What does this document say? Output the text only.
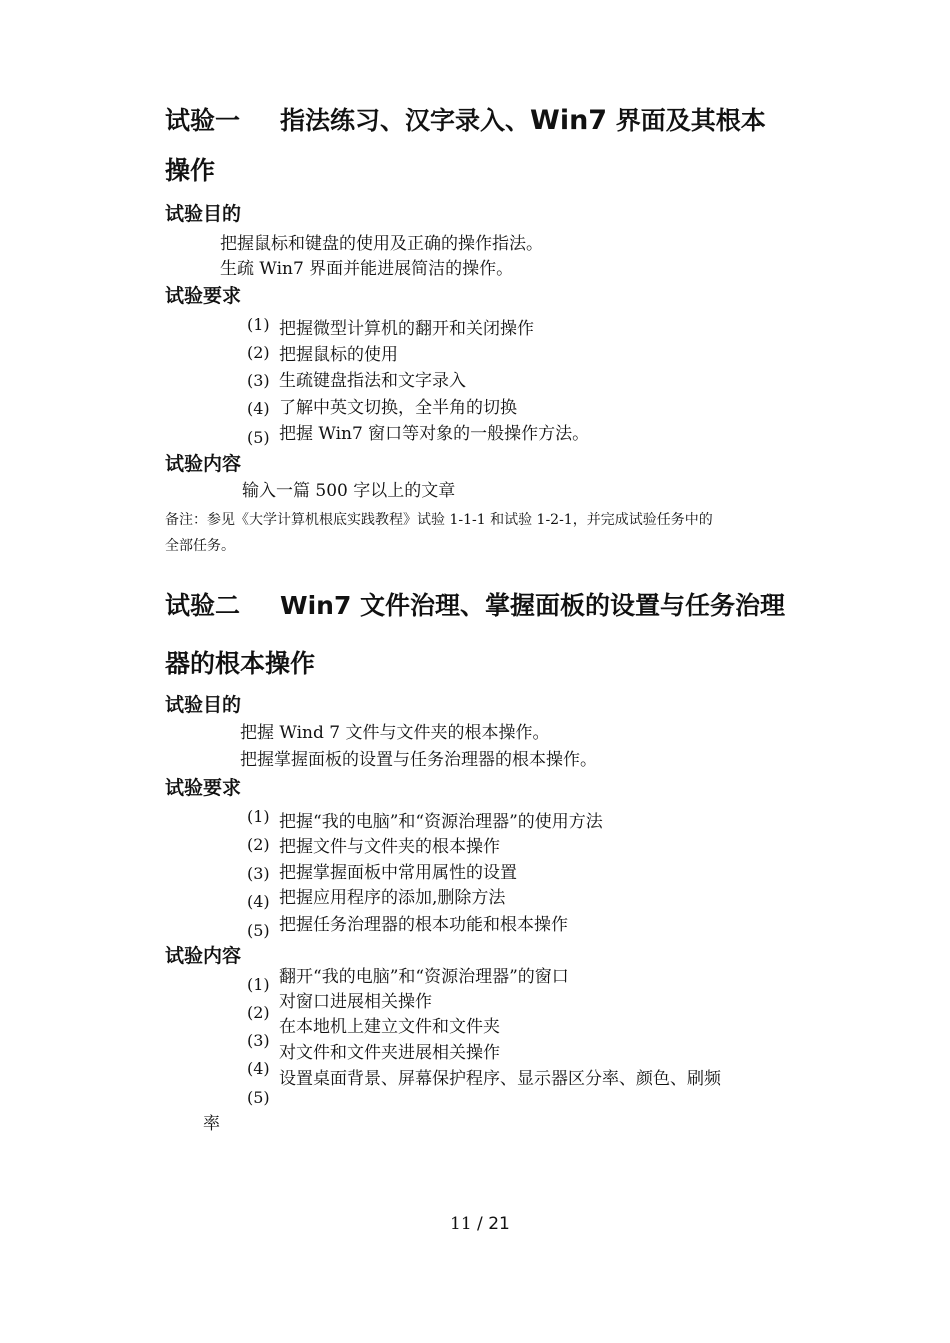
试验一 指法练习、汉字录入、Win7 界面及其根本
操作
试验目的
把握鼠标和键盘的使用及正确的操作指法。
生疏 Win7 界面并能进展简洁的操作。
试验要求
(1) 把握微型计算机的翻开和关闭操作
(2) 把握鼠标的使用
(3) 生疏键盘指法和文字录入
(4) 了解中英文切换，全半角的切换
(5) 把握 Win7 窗口等对象的一般操作方法。
试验内容
输入一篇 500 字以上的文章
备注：参见《大学计算机根底实践教程》试验 1-1-1 和试验 1-2-1，并完成试验任务中的
全部任务。
试验二 Win7 文件治理、掌握面板的设置与任务治理
器的根本操作
试验目的
把握 Wind 7 文件与文件夹的根本操作。
把握掌握面板的设置与任务治理器的根本操作。
试验要求
(1) 把握“我的电脑”和“资源治理器”的使用方法
(2) 把握文件与文件夹的根本操作
(3) 把握掌握面板中常用属性的设置
(4) 把握应用程序的添加,删除方法
(5) 把握任务治理器的根本功能和根本操作
试验内容
(1)
(2)
(3)
(4)
(5)
翻开“我的电脑”和“资源治理器”的窗口
对窗口进展相关操作
在本地机上建立文件和文件夹
对文件和文件夹进展相关操作
设置桌面背景、屏幕保护程序、显示器区分率、颜色、刷频
率
11 / 21
